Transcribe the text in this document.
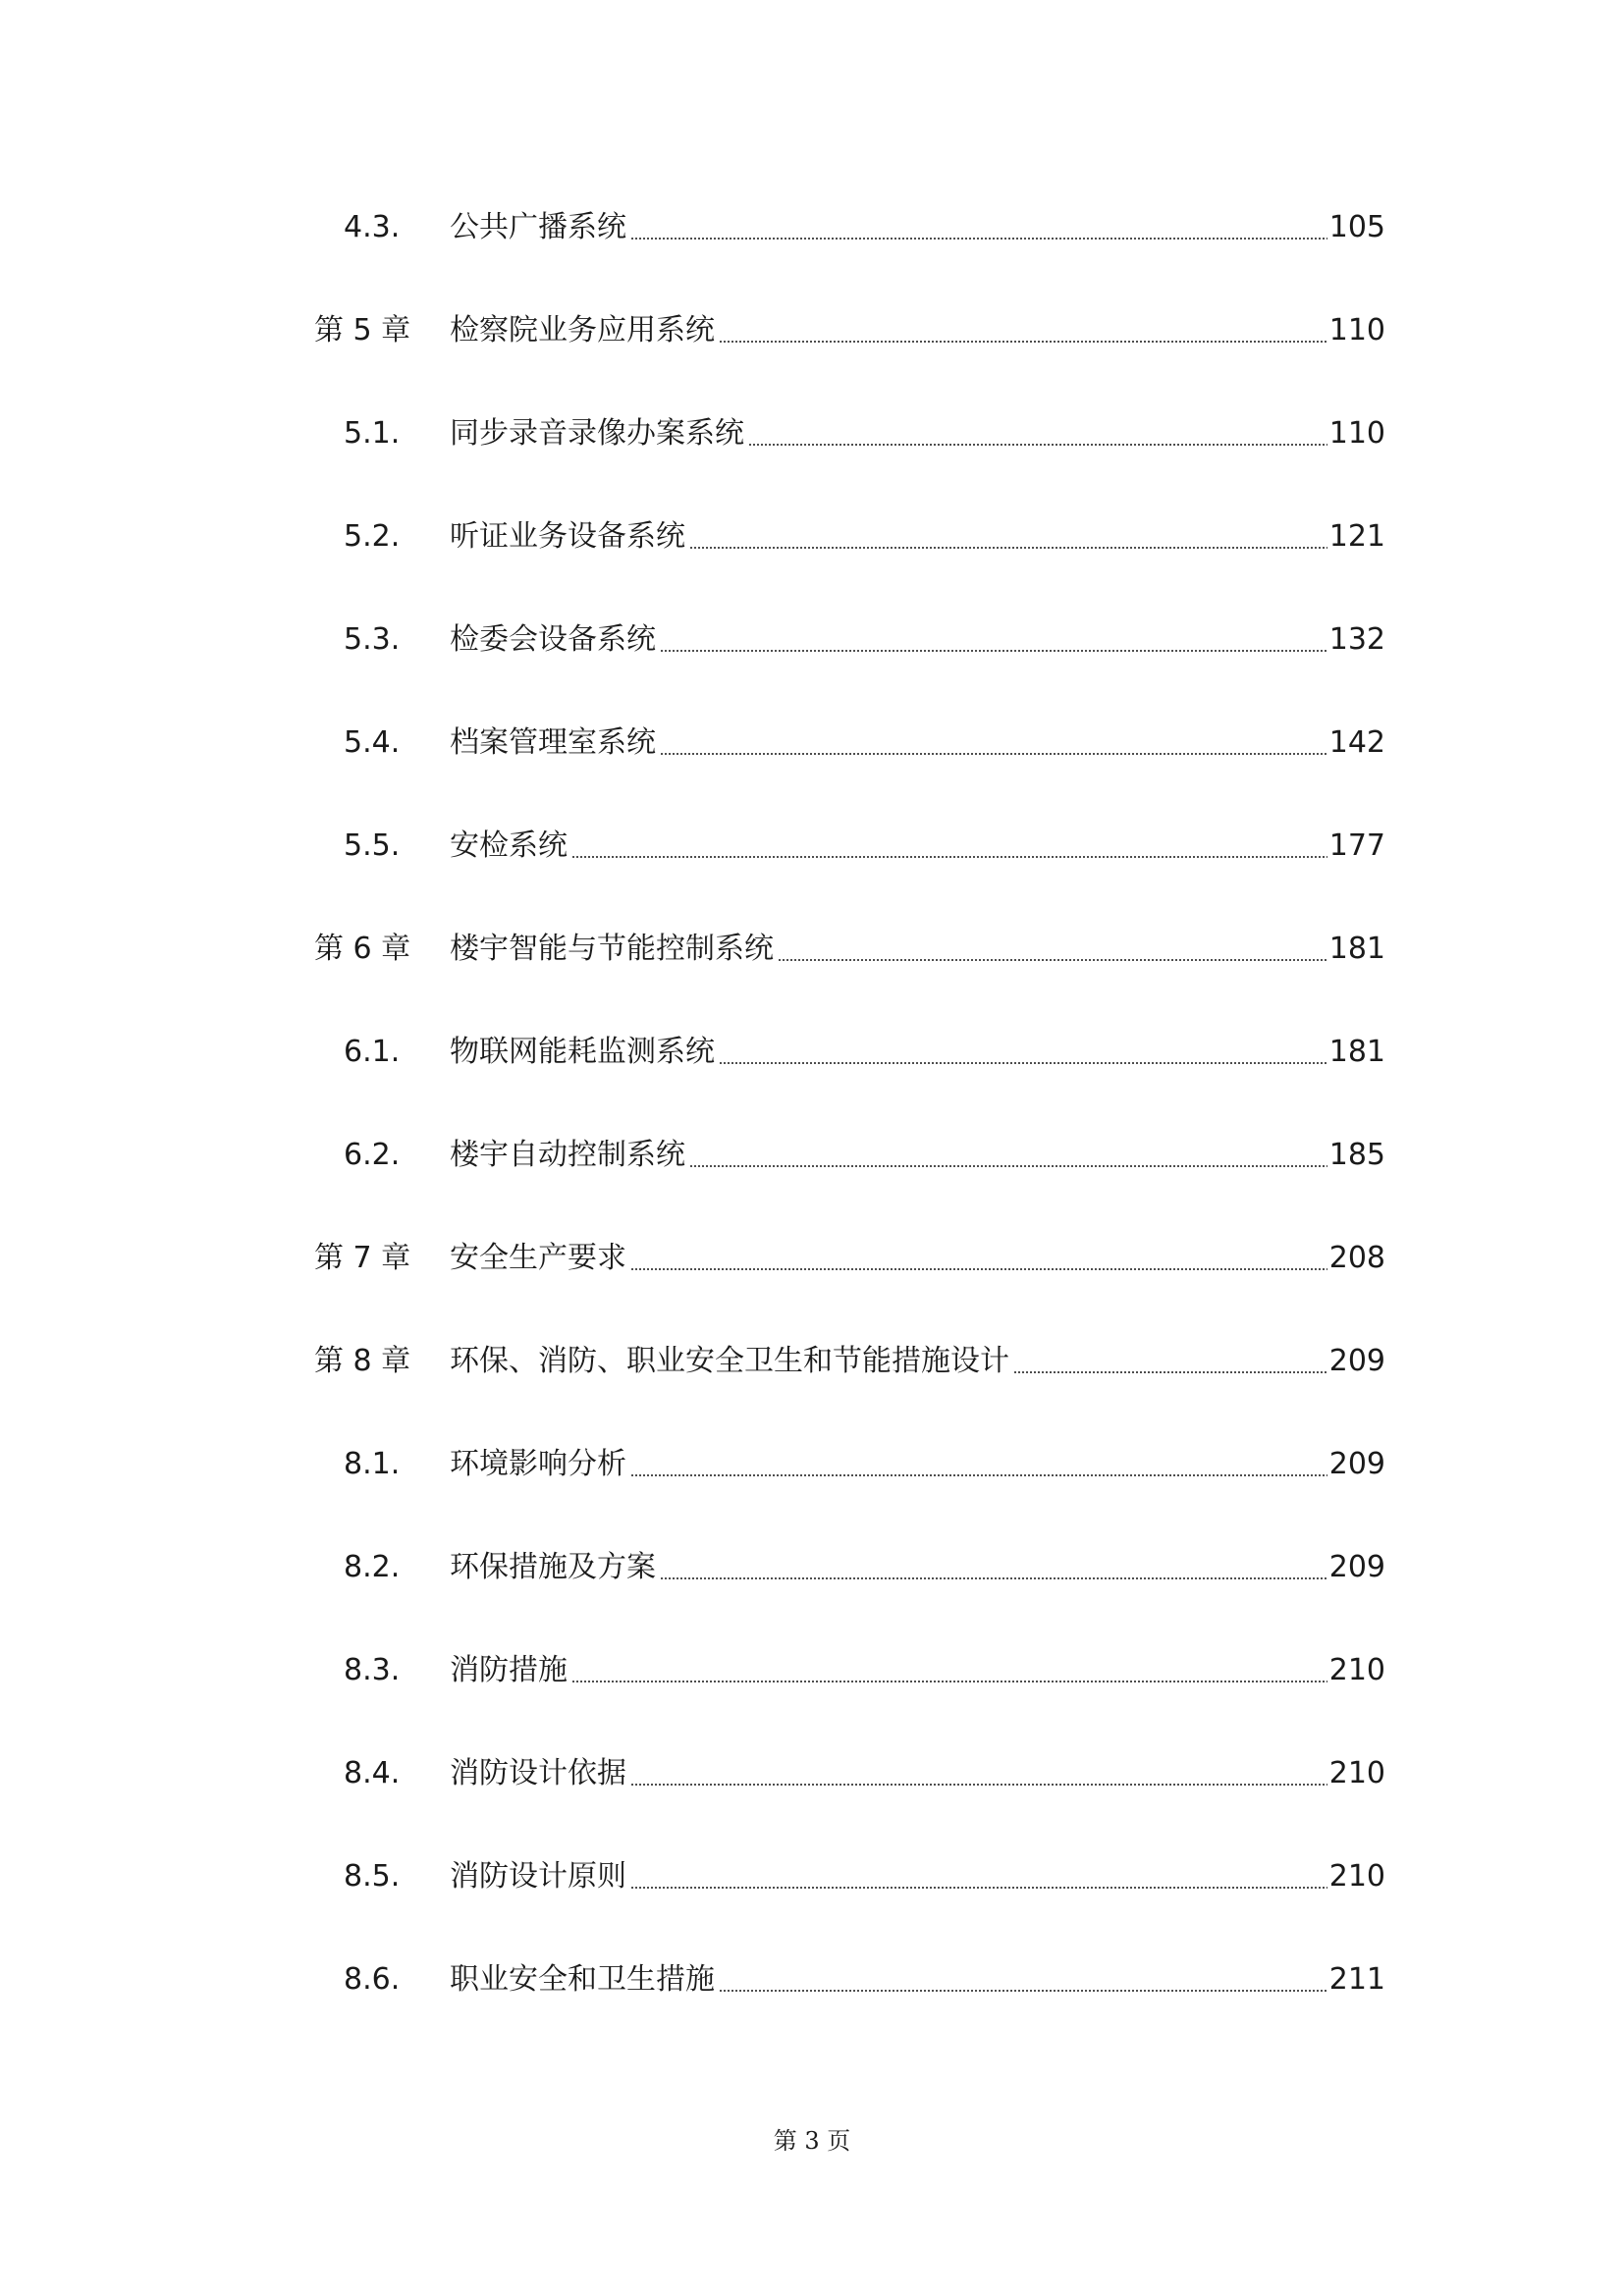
4.3. 公共广播系统	105
第 5 章 检察院业务应用系统	110
5.1. 同步录音录像办案系统	110
5.2. 听证业务设备系统	121
5.3. 检委会设备系统	132
5.4. 档案管理室系统	142
5.5. 安检系统	177
第 6 章 楼宇智能与节能控制系统	181
6.1. 物联网能耗监测系统	181
6.2. 楼宇自动控制系统	185
第 7 章 安全生产要求	208
第 8 章 环保、消防、职业安全卫生和节能措施设计	209
8.1. 环境影响分析	209
8.2. 环保措施及方案	209
8.3. 消防措施	210
8.4. 消防设计依据	210
8.5. 消防设计原则	210
8.6. 职业安全和卫生措施	211
第 3 页
